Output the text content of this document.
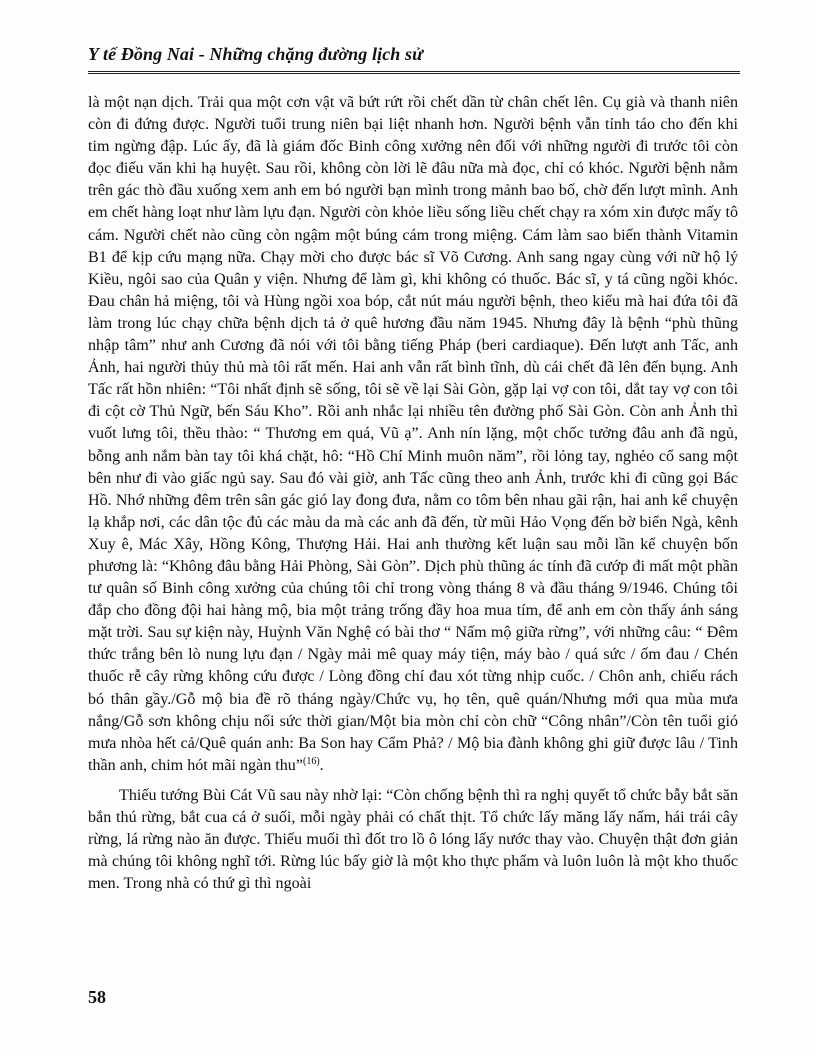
Y tế Đồng Nai - Những chặng đường lịch sử

là một nạn dịch. Trải qua một cơn vật vã bứt rứt rồi chết dần từ chân chết lên. Cụ già và thanh niên còn đi đứng được. Người tuổi trung niên bại liệt nhanh hơn. Người bệnh vẫn tỉnh táo cho đến khi tim ngừng đập. Lúc ấy, đã là giám đốc Binh công xưởng nên đối với những người đi trước tôi còn đọc điếu văn khi hạ huyệt. Sau rồi, không còn lời lẽ đâu nữa mà đọc, chỉ có khóc. Người bệnh nằm trên gác thò đầu xuống xem anh em bó người bạn mình trong mảnh bao bố, chờ đến lượt mình. Anh em chết hàng loạt như làm lựu đạn. Người còn khỏe liều sống liều chết chạy ra xóm xin được mấy tô cám. Người chết nào cũng còn ngậm một búng cám trong miệng. Cám làm sao biến thành Vitamin B1 để kịp cứu mạng nữa. Chạy mời cho được bác sĩ Võ Cương. Anh sang ngay cùng với nữ hộ lý Kiều, ngôi sao của Quân y viện. Nhưng để làm gì, khi không có thuốc. Bác sĩ, y tá cũng ngồi khóc. Đau chân hả miệng, tôi và Hùng ngồi xoa bóp, cắt nút máu người bệnh, theo kiểu mà hai đứa tôi đã làm trong lúc chạy chữa bệnh dịch tả ở quê hương đầu năm 1945. Nhưng đây là bệnh “phù thũng nhập tâm” như anh Cương đã nói với tôi bằng tiếng Pháp (beri cardiaque). Đến lượt anh Tấc, anh Ảnh, hai người thủy thủ mà tôi rất mến. Hai anh vẫn rất bình tĩnh, dù cái chết đã lên đến bụng. Anh Tấc rất hồn nhiên: “Tôi nhất định sẽ sống, tôi sẽ về lại Sài Gòn, gặp lại vợ con tôi, dắt tay vợ con tôi đi cột cờ Thủ Ngữ, bến Sáu Kho”. Rồi anh nhắc lại nhiều tên đường phố Sài Gòn. Còn anh Ảnh thì vuốt lưng tôi, thều thào: “ Thương em quá, Vũ ạ”. Anh nín lặng, một chốc tưởng đâu anh đã ngủ, bỗng anh nắm bàn tay tôi khá chặt, hô: “Hồ Chí Minh muôn năm”, rồi lỏng tay, nghẻo cổ sang một bên như đi vào giấc ngủ say. Sau đó vài giờ, anh Tấc cũng theo anh Ảnh, trước khi đi cũng gọi Bác Hồ. Nhớ những đêm trên sân gác gió lay đong đưa, nằm co tôm bên nhau gãi rận, hai anh kể chuyện lạ khắp nơi, các dân tộc đủ các màu da mà các anh đã đến, từ mũi Hảo Vọng đến bờ biển Ngà, kênh Xuy ê, Mác Xây, Hồng Kông, Thượng Hải. Hai anh thường kết luận sau mỗi lần kể chuyện bốn phương là: “Không đâu bằng Hải Phòng, Sài Gòn”. Dịch phù thũng ác tính đã cướp đi mất một phần tư quân số Binh công xưởng của chúng tôi chỉ trong vòng tháng 8 và đầu tháng 9/1946. Chúng tôi đắp cho đồng đội hai hàng mộ, bia một trảng trống đầy hoa mua tím, để anh em còn thấy ánh sáng mặt trời. Sau sự kiện này, Huỳnh Văn Nghệ có bài thơ “ Nấm mộ giữa rừng”, với những câu: “ Đêm thức trắng bên lò nung lựu đạn / Ngày mải mê quay máy tiện, máy bào / quá sức / ốm đau / Chén thuốc rễ cây rừng không cứu được / Lòng đồng chí đau xót từng nhịp cuốc. / Chôn anh, chiếu rách bó thân gầy./Gỗ mộ bia đề rõ tháng ngày/Chức vụ, họ tên, quê quán/Nhưng mới qua mùa mưa nắng/Gỗ sơn không chịu nổi sức thời gian/Một bia mòn chỉ còn chữ “Công nhân”/Còn tên tuổi gió mưa nhòa hết cả/Quê quán anh: Ba Son hay Cẩm Phả? / Mộ bia đành không ghi giữ được lâu / Tinh thần anh, chim hót mãi ngàn thu”$^{(16)}$.

Thiếu tướng Bùi Cát Vũ sau này nhờ lại: “Còn chống bệnh thì ra nghị quyết tổ chức bẫy bắt săn bắn thú rừng, bắt cua cá ở suối, mỗi ngày phải có chất thịt. Tổ chức lấy măng lấy nấm, hái trái cây rừng, lá rừng nào ăn được. Thiếu muối thì đốt tro lồ ô lóng lấy nước thay vào. Chuyện thật đơn giản mà chúng tôi không nghĩ tới. Rừng lúc bấy giờ là một kho thực phẩm và luôn luôn là một kho thuốc men. Trong nhà có thứ gì thì ngoài

58
